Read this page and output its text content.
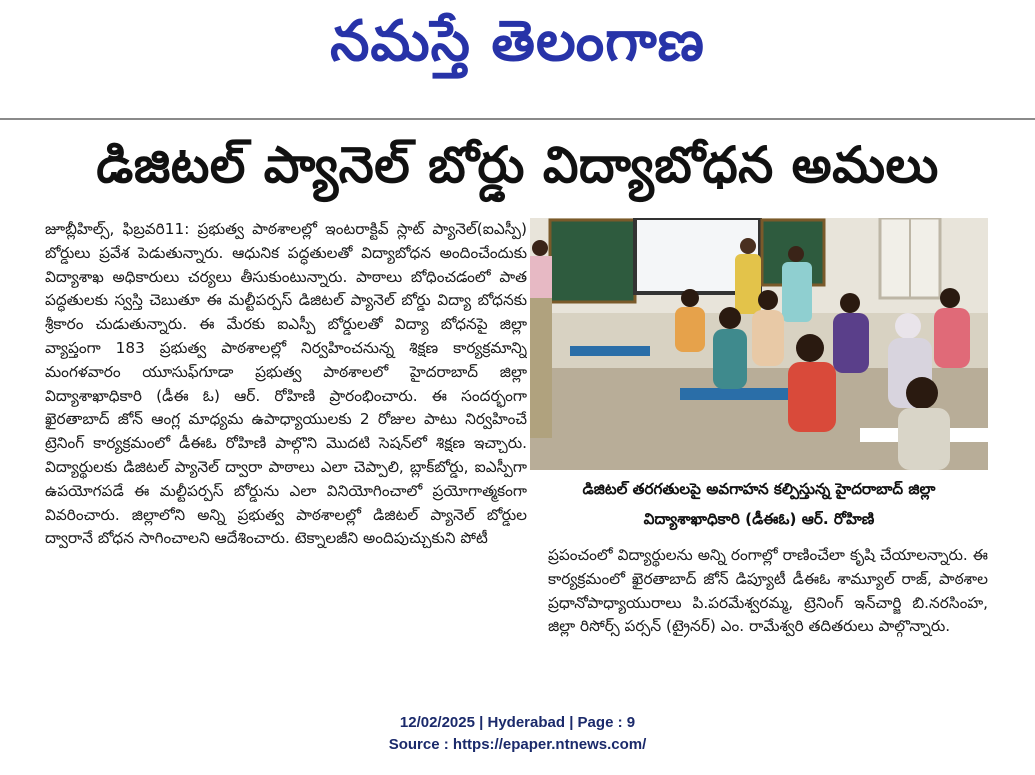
నమస్తే తెలంగాణ
డిజిటల్ ప్యానెల్ బోర్డు విద్యాబోధన అమలు
జూబ్లీహిల్స్, ఫిబ్రవరి11: ప్రభుత్వ పాఠశాలల్లో ఇంటరాక్టివ్ స్లాట్ ప్యానెల్(ఐఎస్పీ) బోర్డులు ప్రవేశ పెడుతున్నారు. ఆధునిక పద్ధతులతో విద్యాబోధన అందించేందుకు విద్యాశాఖ అధికారులు చర్యలు తీసుకుంటున్నారు. పాఠాలు బోధించడంలో పాత పద్ధతులకు స్వస్తి చెబుతూ ఈ మల్టీపర్పస్ డిజిటల్ ప్యానెల్ బోర్డు విద్యా బోధనకు శ్రీకారం చుడుతున్నారు. ఈ మేరకు ఐఎస్పీ బోర్డులతో విద్యా బోధనపై జిల్లా వ్యాప్తంగా 183 ప్రభుత్వ పాఠశాలల్లో నిర్వహించనున్న శిక్షణ కార్యక్రమాన్ని మంగళవారం యూసుఫ్‌గూడా ప్రభుత్వ పాఠశాలలో హైదరాబాద్ జిల్లా విద్యాశాఖాధికారి (డీఈ ఓ) ఆర్. రోహిణి ప్రారంభించారు. ఈ సందర్భంగా ఖైరతాబాద్ జోన్ ఆంగ్ల మాధ్యమ ఉపాధ్యాయులకు 2 రోజుల పాటు నిర్వహించే ట్రెనింగ్ కార్యక్రమంలో డీఈఓ రోహిణి పాల్గొని మొదటి సెషన్‌లో శిక్షణ ఇచ్చారు. విద్యార్థులకు డిజిటల్ ప్యానెల్ ద్వారా పాఠాలు ఎలా చెప్పాలి, బ్లాక్‌బోర్డు, ఐఎస్పీగా ఉపయోగపడే ఈ మల్టీపర్పస్ బోర్డును ఎలా వినియోగించాలో ప్రయోగాత్మకంగా వివరించారు. జిల్లాలోని అన్ని ప్రభుత్వ పాఠశాలల్లో డిజిటల్ ప్యానెల్ బోర్డుల ద్వారానే బోధన సాగించాలని ఆదేశించారు. టెక్నాలజీని అందిపుచ్చుకుని పోటీ
డిజిటల్ తరగతులపై అవగాహన కల్పిస్తున్న హైదరాబాద్ జిల్లా విద్యాశాఖాధికారి (డీఈఓ) ఆర్. రోహిణి
ప్రపంచంలో విద్యార్థులను అన్ని రంగాల్లో రాణించేలా కృషి చేయాలన్నారు. ఈ కార్యక్రమంలో ఖైరతాబాద్ జోన్ డిప్యూటీ డీఈఓ శామ్యూల్ రాజ్, పాఠశాల ప్రధానోపాధ్యాయురాలు పి.పరమేశ్వరమ్మ, ట్రెనింగ్ ఇన్‌చార్జి బి.నరసింహ, జిల్లా రిసోర్స్ పర్సన్ (ట్రైనర్) ఎం. రామేశ్వరి తదితరులు పాల్గొన్నారు.
12/02/2025 | Hyderabad | Page : 9
Source : https://epaper.ntnews.com/
